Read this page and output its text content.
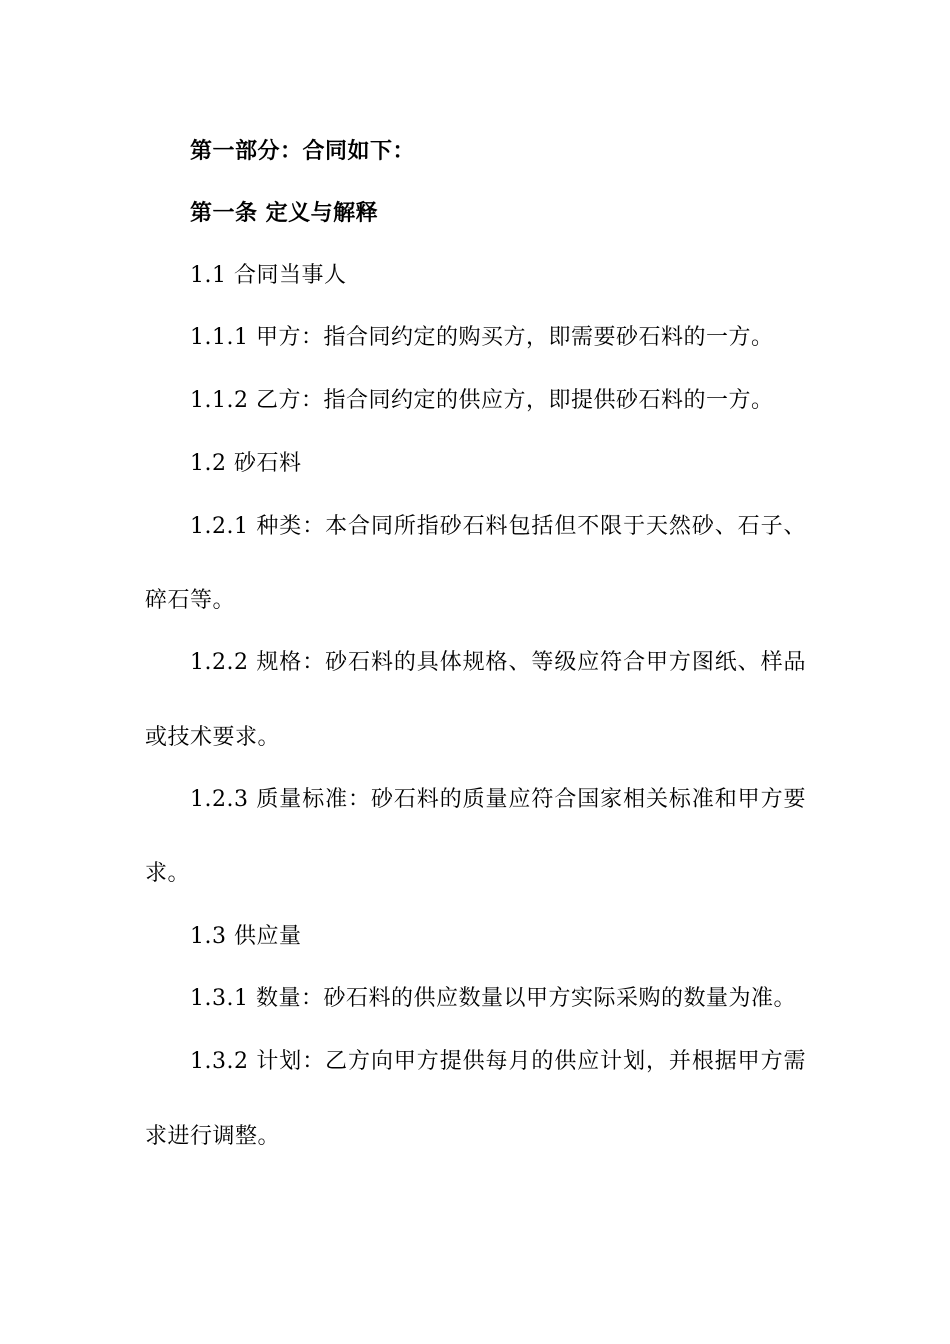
第一部分：合同如下：
第一条 定义与解释
1.1 合同当事人
1.1.1 甲方：指合同约定的购买方，即需要砂石料的一方。
1.1.2 乙方：指合同约定的供应方，即提供砂石料的一方。
1.2 砂石料
1.2.1 种类：本合同所指砂石料包括但不限于天然砂、石子、
碎石等。
1.2.2 规格：砂石料的具体规格、等级应符合甲方图纸、样品
或技术要求。
1.2.3 质量标准：砂石料的质量应符合国家相关标准和甲方要
求。
1.3 供应量
1.3.1 数量：砂石料的供应数量以甲方实际采购的数量为准。
1.3.2 计划：乙方向甲方提供每月的供应计划，并根据甲方需
求进行调整。
